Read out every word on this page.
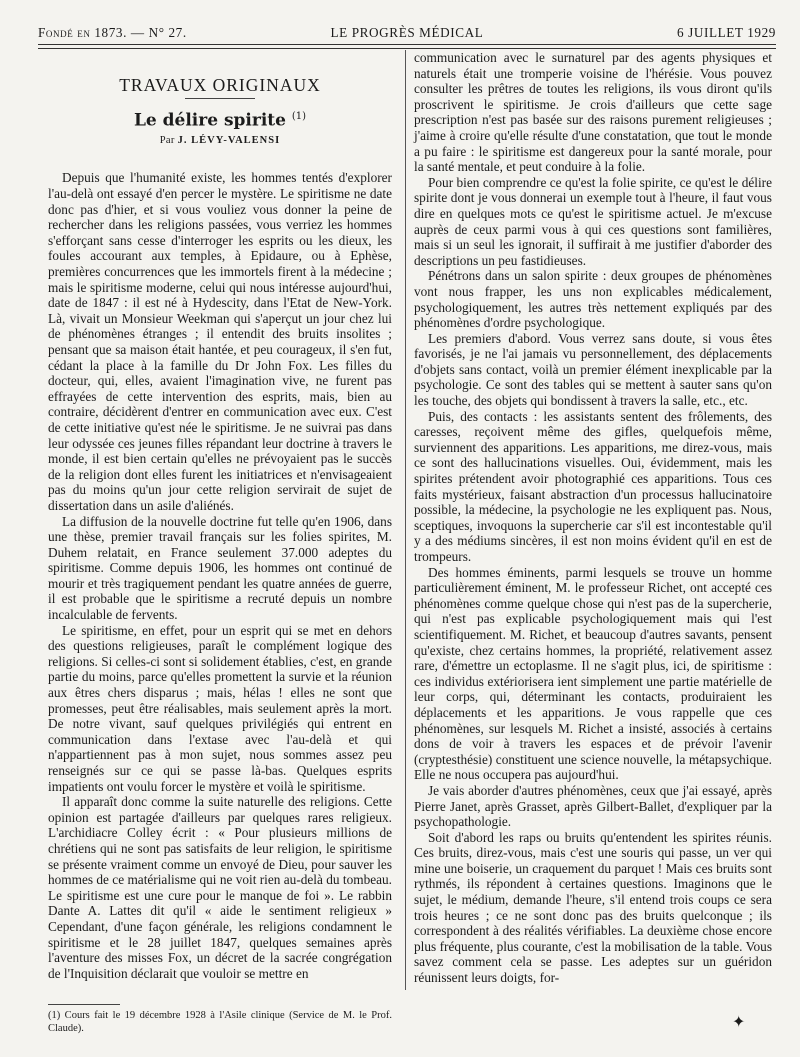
Fondé en 1873. — N° 27.	LE PROGRÈS MÉDICAL	6 JUILLET 1929
TRAVAUX ORIGINAUX
Le délire spirite $^{(1)}$
Par J. LÉVY-VALENSI

Depuis que l'humanité existe, les hommes tentés d'explorer l'au-delà ont essayé d'en percer le mystère. Le spiritisme ne date donc pas d'hier, et si vous vouliez vous donner la peine de rechercher dans les religions passées, vous verriez les hommes s'efforçant sans cesse d'interroger les esprits ou les dieux, les foules accourant aux temples, à Epidaure, ou à Ephèse, premières concurrences que les immortels firent à la médecine ; mais le spiritisme moderne, celui qui nous intéresse aujourd'hui, date de 1847 : il est né à Hydescity, dans l'Etat de New-York. Là, vivait un Monsieur Weekman qui s'aperçut un jour chez lui de phénomènes étranges ; il entendit des bruits insolites ; pensant que sa maison était hantée, et peu courageux, il s'en fut, cédant la place à la famille du Dr John Fox. Les filles du docteur, qui, elles, avaient l'imagination vive, ne furent pas effrayées de cette intervention des esprits, mais, bien au contraire, décidèrent d'entrer en communication avec eux. C'est de cette initiative qu'est née le spiritisme. Je ne suivrai pas dans leur odyssée ces jeunes filles répandant leur doctrine à travers le monde, il est bien certain qu'elles ne prévoyaient pas le succès de la religion dont elles furent les initiatrices et n'envisageaient pas du moins qu'un jour cette religion servirait de sujet de dissertation dans un asile d'aliénés.

La diffusion de la nouvelle doctrine fut telle qu'en 1906, dans une thèse, premier travail français sur les folies spirites, M. Duhem relatait, en France seulement 37.000 adeptes du spiritisme. Comme depuis 1906, les hommes ont continué de mourir et très tragiquement pendant les quatre années de guerre, il est probable que le spiritisme a recruté depuis un nombre incalculable de fervents.

Le spiritisme, en effet, pour un esprit qui se met en dehors des questions religieuses, paraît le complément logique des religions. Si celles-ci sont si solidement établies, c'est, en grande partie du moins, parce qu'elles promettent la survie et la réunion aux êtres chers disparus ; mais, hélas ! elles ne sont que promesses, peut être réalisables, mais seulement après la mort. De notre vivant, sauf quelques privilégiés qui entrent en communication dans l'extase avec l'au-delà et qui n'appartiennent pas à mon sujet, nous sommes assez peu renseignés sur ce qui se passe là-bas. Quelques esprits impatients ont voulu forcer le mystère et voilà le spiritisme.

Il apparaît donc comme la suite naturelle des religions. Cette opinion est partagée d'ailleurs par quelques rares religieux. L'archidiacre Colley écrit : « Pour plusieurs millions de chrétiens qui ne sont pas satisfaits de leur religion, le spiritisme se présente vraiment comme un envoyé de Dieu, pour sauver les hommes de ce matérialisme qui ne voit rien au-delà du tombeau. Le spiritisme est une cure pour le manque de foi ». Le rabbin Dante A. Lattes dit qu'il « aide le sentiment religieux » Cependant, d'une façon générale, les religions condamnent le spiritisme et le 28 juillet 1847, quelques semaines après l'aventure des misses Fox, un décret de la sacrée congrégation de l'Inquisition déclarait que vouloir se mettre en

communication avec le surnaturel par des agents physiques et naturels était une tromperie voisine de l'hérésie. Vous pouvez consulter les prêtres de toutes les religions, ils vous diront qu'ils proscrivent le spiritisme. Je crois d'ailleurs que cette sage prescription n'est pas basée sur des raisons purement religieuses ; j'aime à croire qu'elle résulte d'une constatation, que tout le monde a pu faire : le spiritisme est dangereux pour la santé morale, pour la santé mentale, et peut conduire à la folie.

Pour bien comprendre ce qu'est la folie spirite, ce qu'est le délire spirite dont je vous donnerai un exemple tout à l'heure, il faut vous dire en quelques mots ce qu'est le spiritisme actuel. Je m'excuse auprès de ceux parmi vous à qui ces questions sont familières, mais si un seul les ignorait, il suffirait à me justifier d'aborder des descriptions un peu fastidieuses.

Pénétrons dans un salon spirite : deux groupes de phénomènes vont nous frapper, les uns non explicables médicalement, psychologiquement, les autres très nettement expliqués par des phénomènes d'ordre psychologique.

Les premiers d'abord. Vous verrez sans doute, si vous êtes favorisés, je ne l'ai jamais vu personnellement, des déplacements d'objets sans contact, voilà un premier élément inexplicable par la psychologie. Ce sont des tables qui se mettent à sauter sans qu'on les touche, des objets qui bondissent à travers la salle, etc., etc.

Puis, des contacts : les assistants sentent des frôlements, des caresses, reçoivent même des gifles, quelquefois même, surviennent des apparitions. Les apparitions, me direz-vous, mais ce sont des hallucinations visuelles. Oui, évidemment, mais les spirites prétendent avoir photographié ces apparitions. Tous ces faits mystérieux, faisant abstraction d'un processus hallucinatoire possible, la médecine, la psychologie ne les expliquent pas. Nous, sceptiques, invoquons la supercherie car s'il est incontestable qu'il y a des médiums sincères, il est non moins évident qu'il en est de trompeurs.

Des hommes éminents, parmi lesquels se trouve un homme particulièrement éminent, M. le professeur Richet, ont accepté ces phénomènes comme quelque chose qui n'est pas de la supercherie, qui n'est pas explicable psychologiquement mais qui l'est scientifiquement. M. Richet, et beaucoup d'autres savants, pensent qu'existe, chez certains hommes, la propriété, relativement assez rare, d'émettre un ectoplasme. Il ne s'agit plus, ici, de spiritisme : ces individus extériorisera ient simplement une partie matérielle de leur corps, qui, déterminant les contacts, produiraient les déplacements et les apparitions. Je vous rappelle que ces phénomènes, sur lesquels M. Richet a insisté, associés à certains dons de voir à travers les espaces et de prévoir l'avenir (cryptesthésie) constituent une science nouvelle, la métapsychique. Elle ne nous occupera pas aujourd'hui.

Je vais aborder d'autres phénomènes, ceux que j'ai essayé, après Pierre Janet, après Grasset, après Gilbert-Ballet, d'expliquer par la psychopathologie.

Soit d'abord les raps ou bruits qu'entendent les spirites réunis. Ces bruits, direz-vous, mais c'est une souris qui passe, un ver qui mine une boiserie, un craquement du parquet ! Mais ces bruits sont rythmés, ils répondent à certaines questions. Imaginons que le sujet, le médium, demande l'heure, s'il entend trois coups ce sera trois heures ; ce ne sont donc pas des bruits quelconque ; ils correspondent à des réalités vérifiables. La deuxième chose encore plus fréquente, plus courante, c'est la mobilisation de la table. Vous savez comment cela se passe. Les adeptes sur un guéridon réunissent leurs doigts, for-

(1) Cours fait le 19 décembre 1928 à l'Asile clinique (Service de M. le Prof. Claude).	✦
